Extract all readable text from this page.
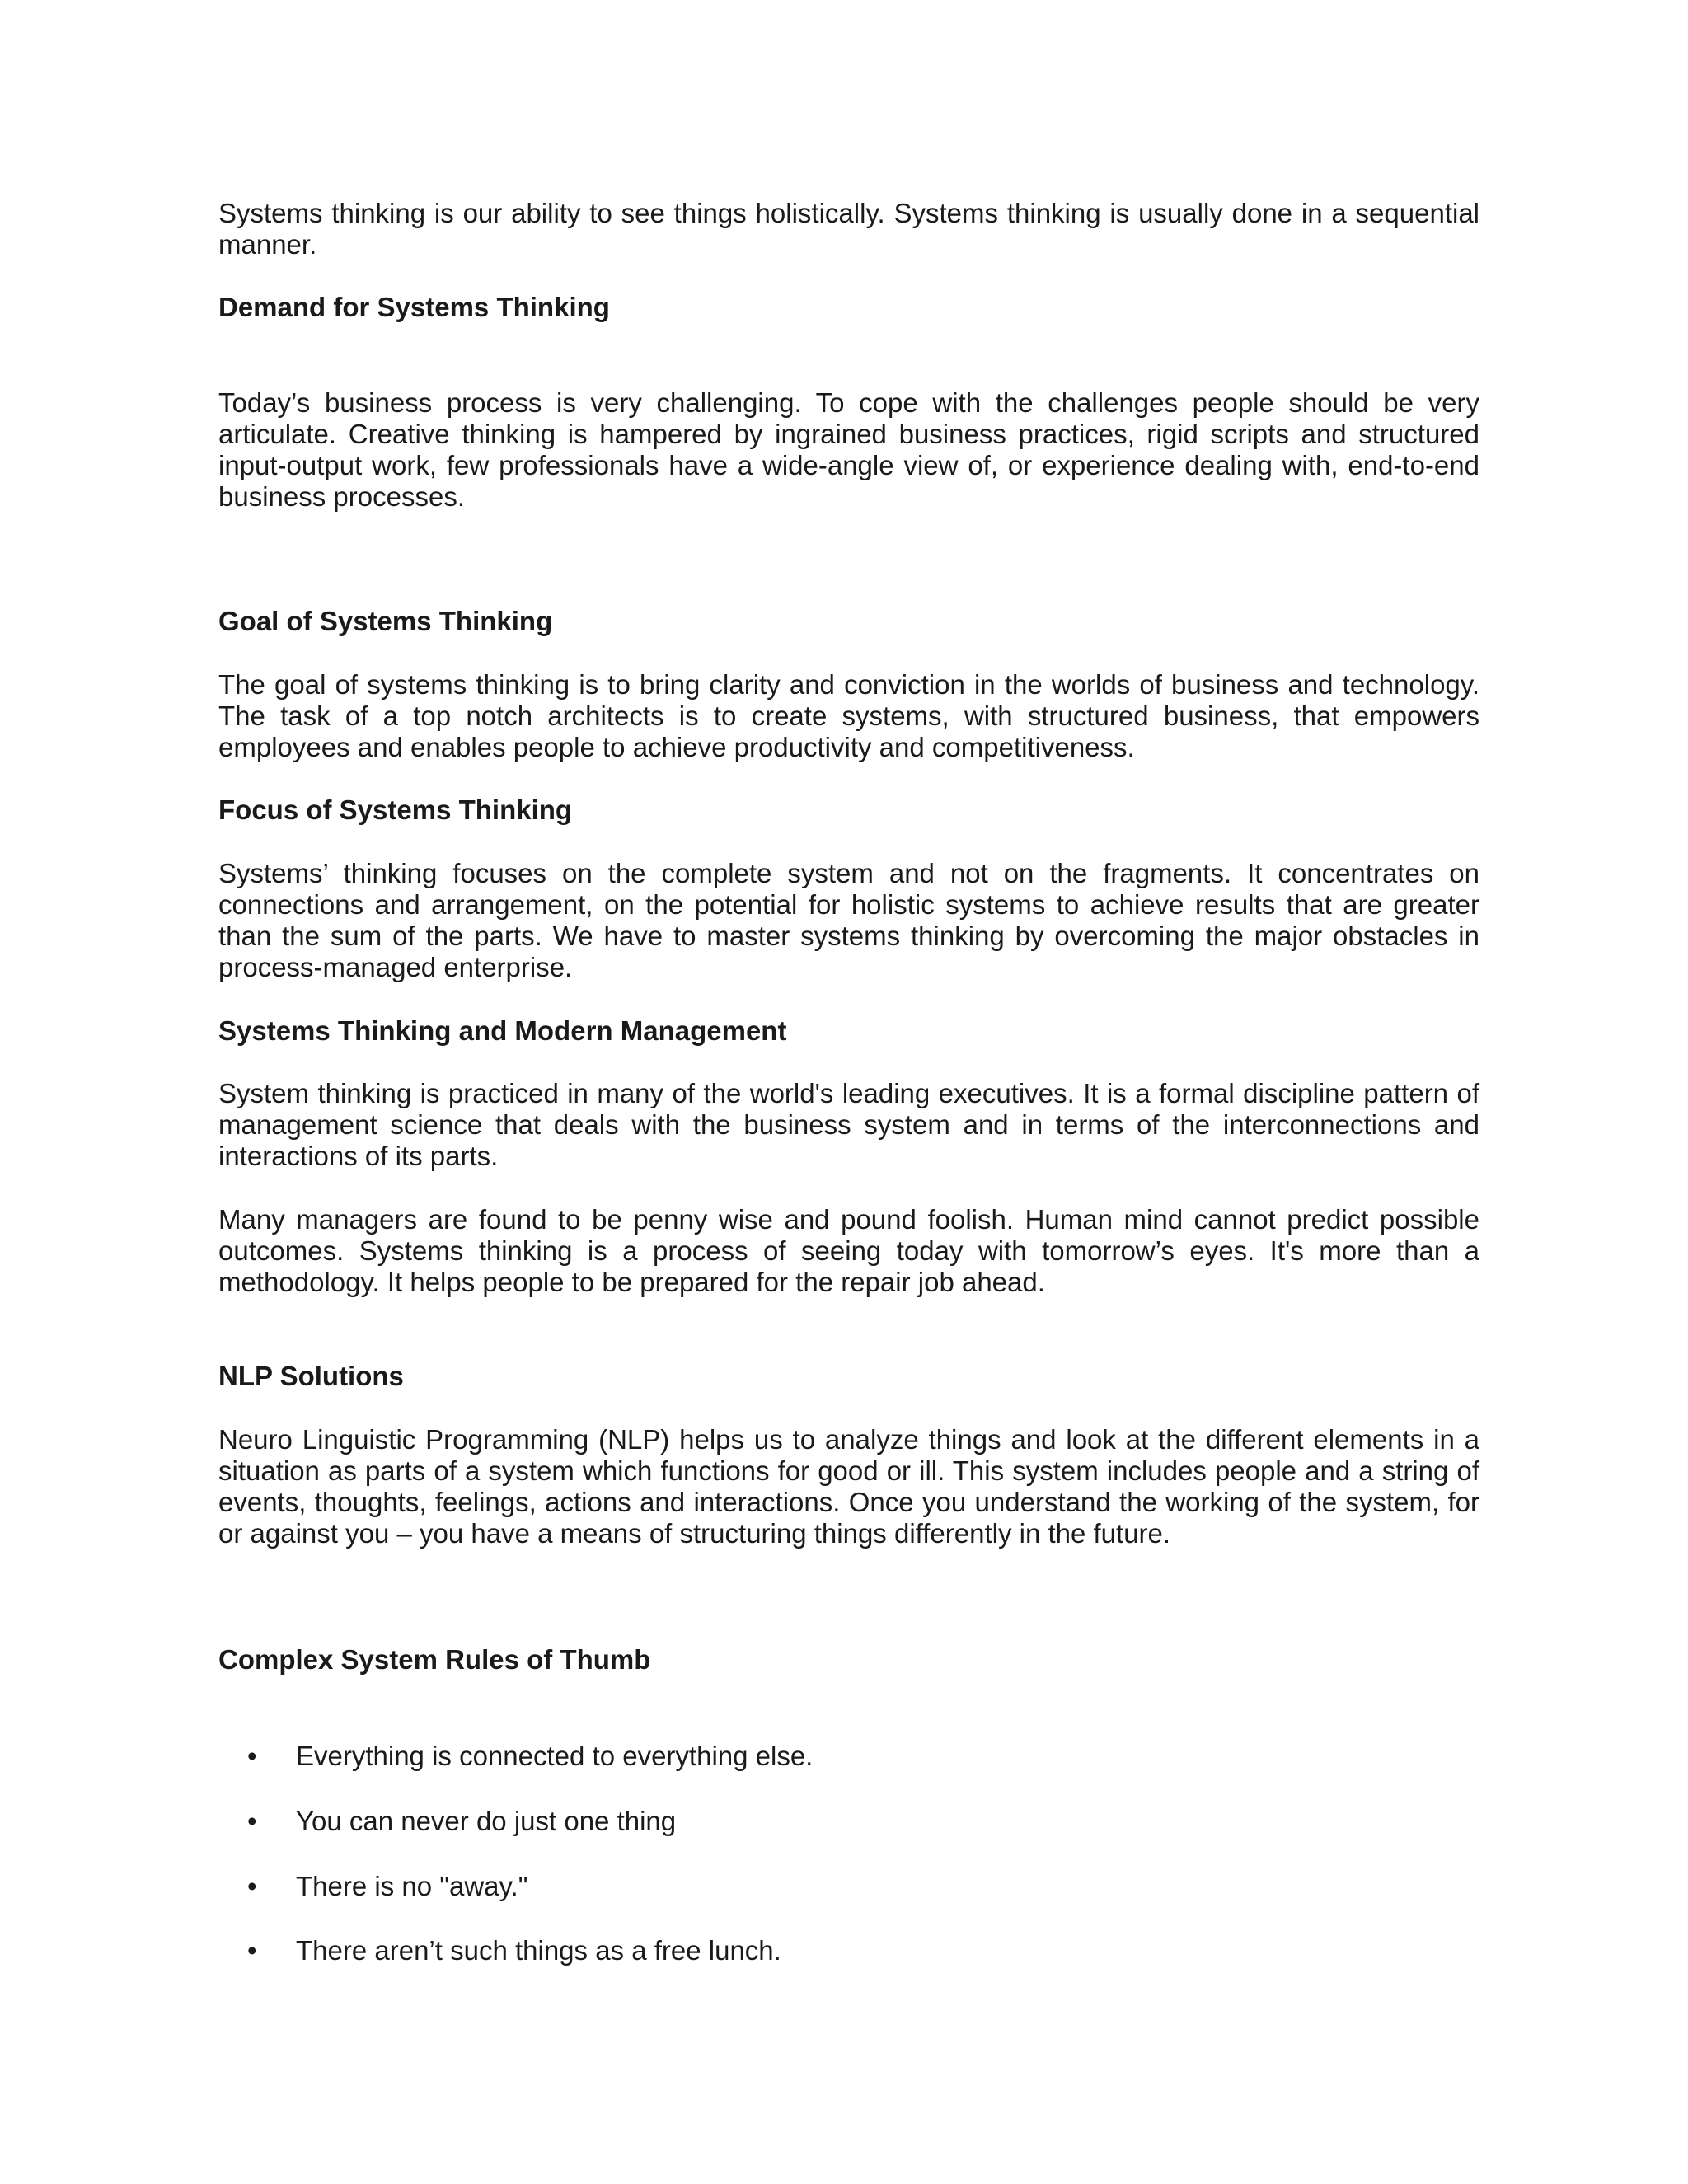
Systems thinking is our ability to see things holistically. Systems thinking is usually done in a sequential manner.

Demand for Systems Thinking

Today’s business process is very challenging. To cope with the challenges people should be very articulate. Creative thinking is hampered by ingrained business practices, rigid scripts and structured input-output work, few professionals have a wide-angle view of, or experience dealing with, end-to-end business processes.

Goal of Systems Thinking

The goal of systems thinking is to bring clarity and conviction in the worlds of business and technology. The task of a top notch architects is to create systems, with structured business, that empowers employees and enables people to achieve productivity and competitiveness.

Focus of Systems Thinking

Systems’ thinking focuses on the complete system and not on the fragments. It concentrates on connections and arrangement, on the potential for holistic systems to achieve results that are greater than the sum of the parts. We have to master systems thinking by overcoming the major obstacles in process-managed enterprise.

Systems Thinking and Modern Management

System thinking is practiced in many of the world's leading executives. It is a formal discipline pattern of management science that deals with the business system and in terms of the interconnections and interactions of its parts.

Many managers are found to be penny wise and pound foolish. Human mind cannot predict possible outcomes. Systems thinking is a process of seeing today with tomorrow’s eyes. It's more than a methodology. It helps people to be prepared for the repair job ahead.

NLP Solutions

Neuro Linguistic Programming (NLP) helps us to analyze things and look at the different elements in a situation as parts of a system which functions for good or ill. This system includes people and a string of events, thoughts, feelings, actions and interactions. Once you understand the working of the system, for or against you – you have a means of structuring things differently in the future.

Complex System Rules of Thumb
• Everything is connected to everything else.
• You can never do just one thing
• There is no "away."
• There aren’t such things as a free lunch.
